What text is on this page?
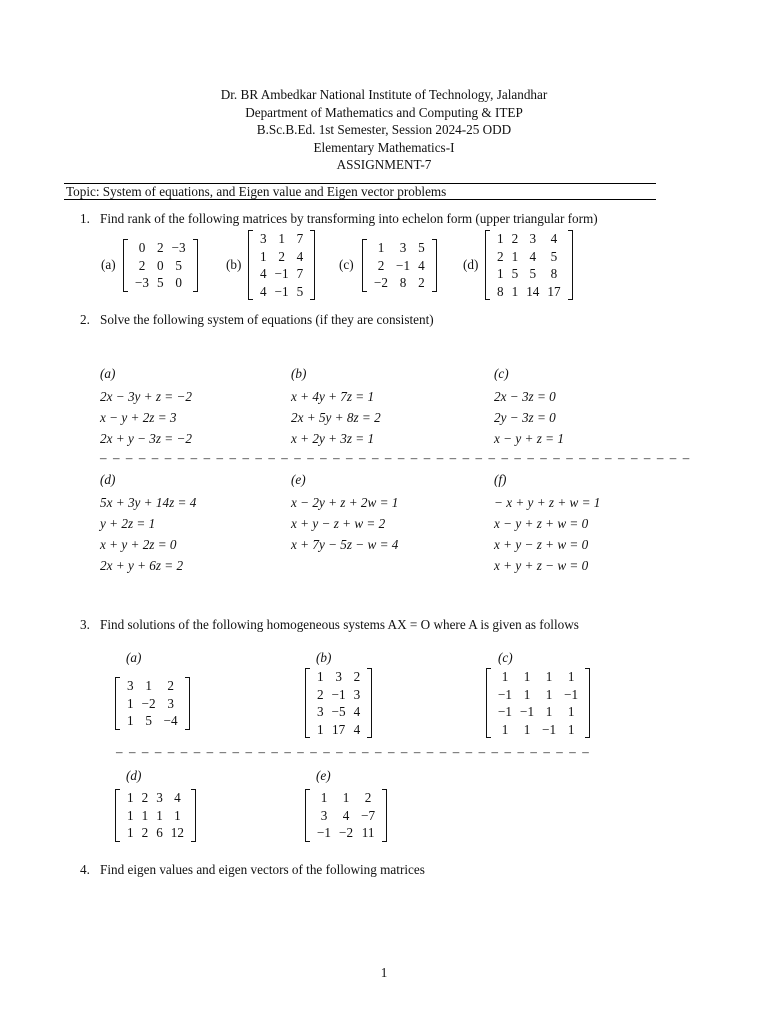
Dr. BR Ambedkar National Institute of Technology, Jalandhar
Department of Mathematics and Computing & ITEP
B.Sc.B.Ed. 1st Semester, Session 2024-25 ODD
Elementary Mathematics-I
ASSIGNMENT-7
Topic: System of equations, and Eigen value and Eigen vector problems
1. Find rank of the following matrices by transforming into echelon form (upper triangular form)
(a)
0	2	−3
2	0	5
−3	5	0
(b)
3	1	7
1	2	4
4	−1	7
4	−1	5
(c)
1	3	5
2	−1	4
−2	8	2
(d)
1	2	3	4
2	1	4	5
1	5	5	8
8	1	14	17
2. Solve the following system of equations (if they are consistent)
(a)
2x − 3y + z = −2
x − y + 2z = 3
2x + y − 3z = −2
(b)
x + 4y + 7z = 1
2x + 5y + 8z = 2
x + 2y + 3z = 1
(c)
2x − 3z = 0
2y − 3z = 0
x − y + z = 1
– – – – – – – – – – – – – – – – – – – – – – – – – – – – – – – – – – – – – – – – – – – – – –
(d)
5x + 3y + 14z = 4
y + 2z = 1
x + y + 2z = 0
2x + y + 6z = 2
(e)
x − 2y + z + 2w = 1
x + y − z + w = 2
x + 7y − 5z − w = 4
(f)
− x + y + z + w = 1
x − y + z + w = 0
x + y − z + w = 0
x + y + z − w = 0
3. Find solutions of the following homogeneous systems AX = O where A is given as follows
(a)
3	1	2
1	−2	3
1	5	−4
(b)
1	3	2
2	−1	3
3	−5	4
1	17	4
(c)
1	1	1	1
−1	1	1	−1
−1	−1	1	1
1	1	−1	1
– – – – – – – – – – – – – – – – – – – – – – – – – – – – – – – – – – – – –
(d)
1	2	3	4
1	1	1	1
1	2	6	12
(e)
1	1	2
3	4	−7
−1	−2	11
4. Find eigen values and eigen vectors of the following matrices
1
